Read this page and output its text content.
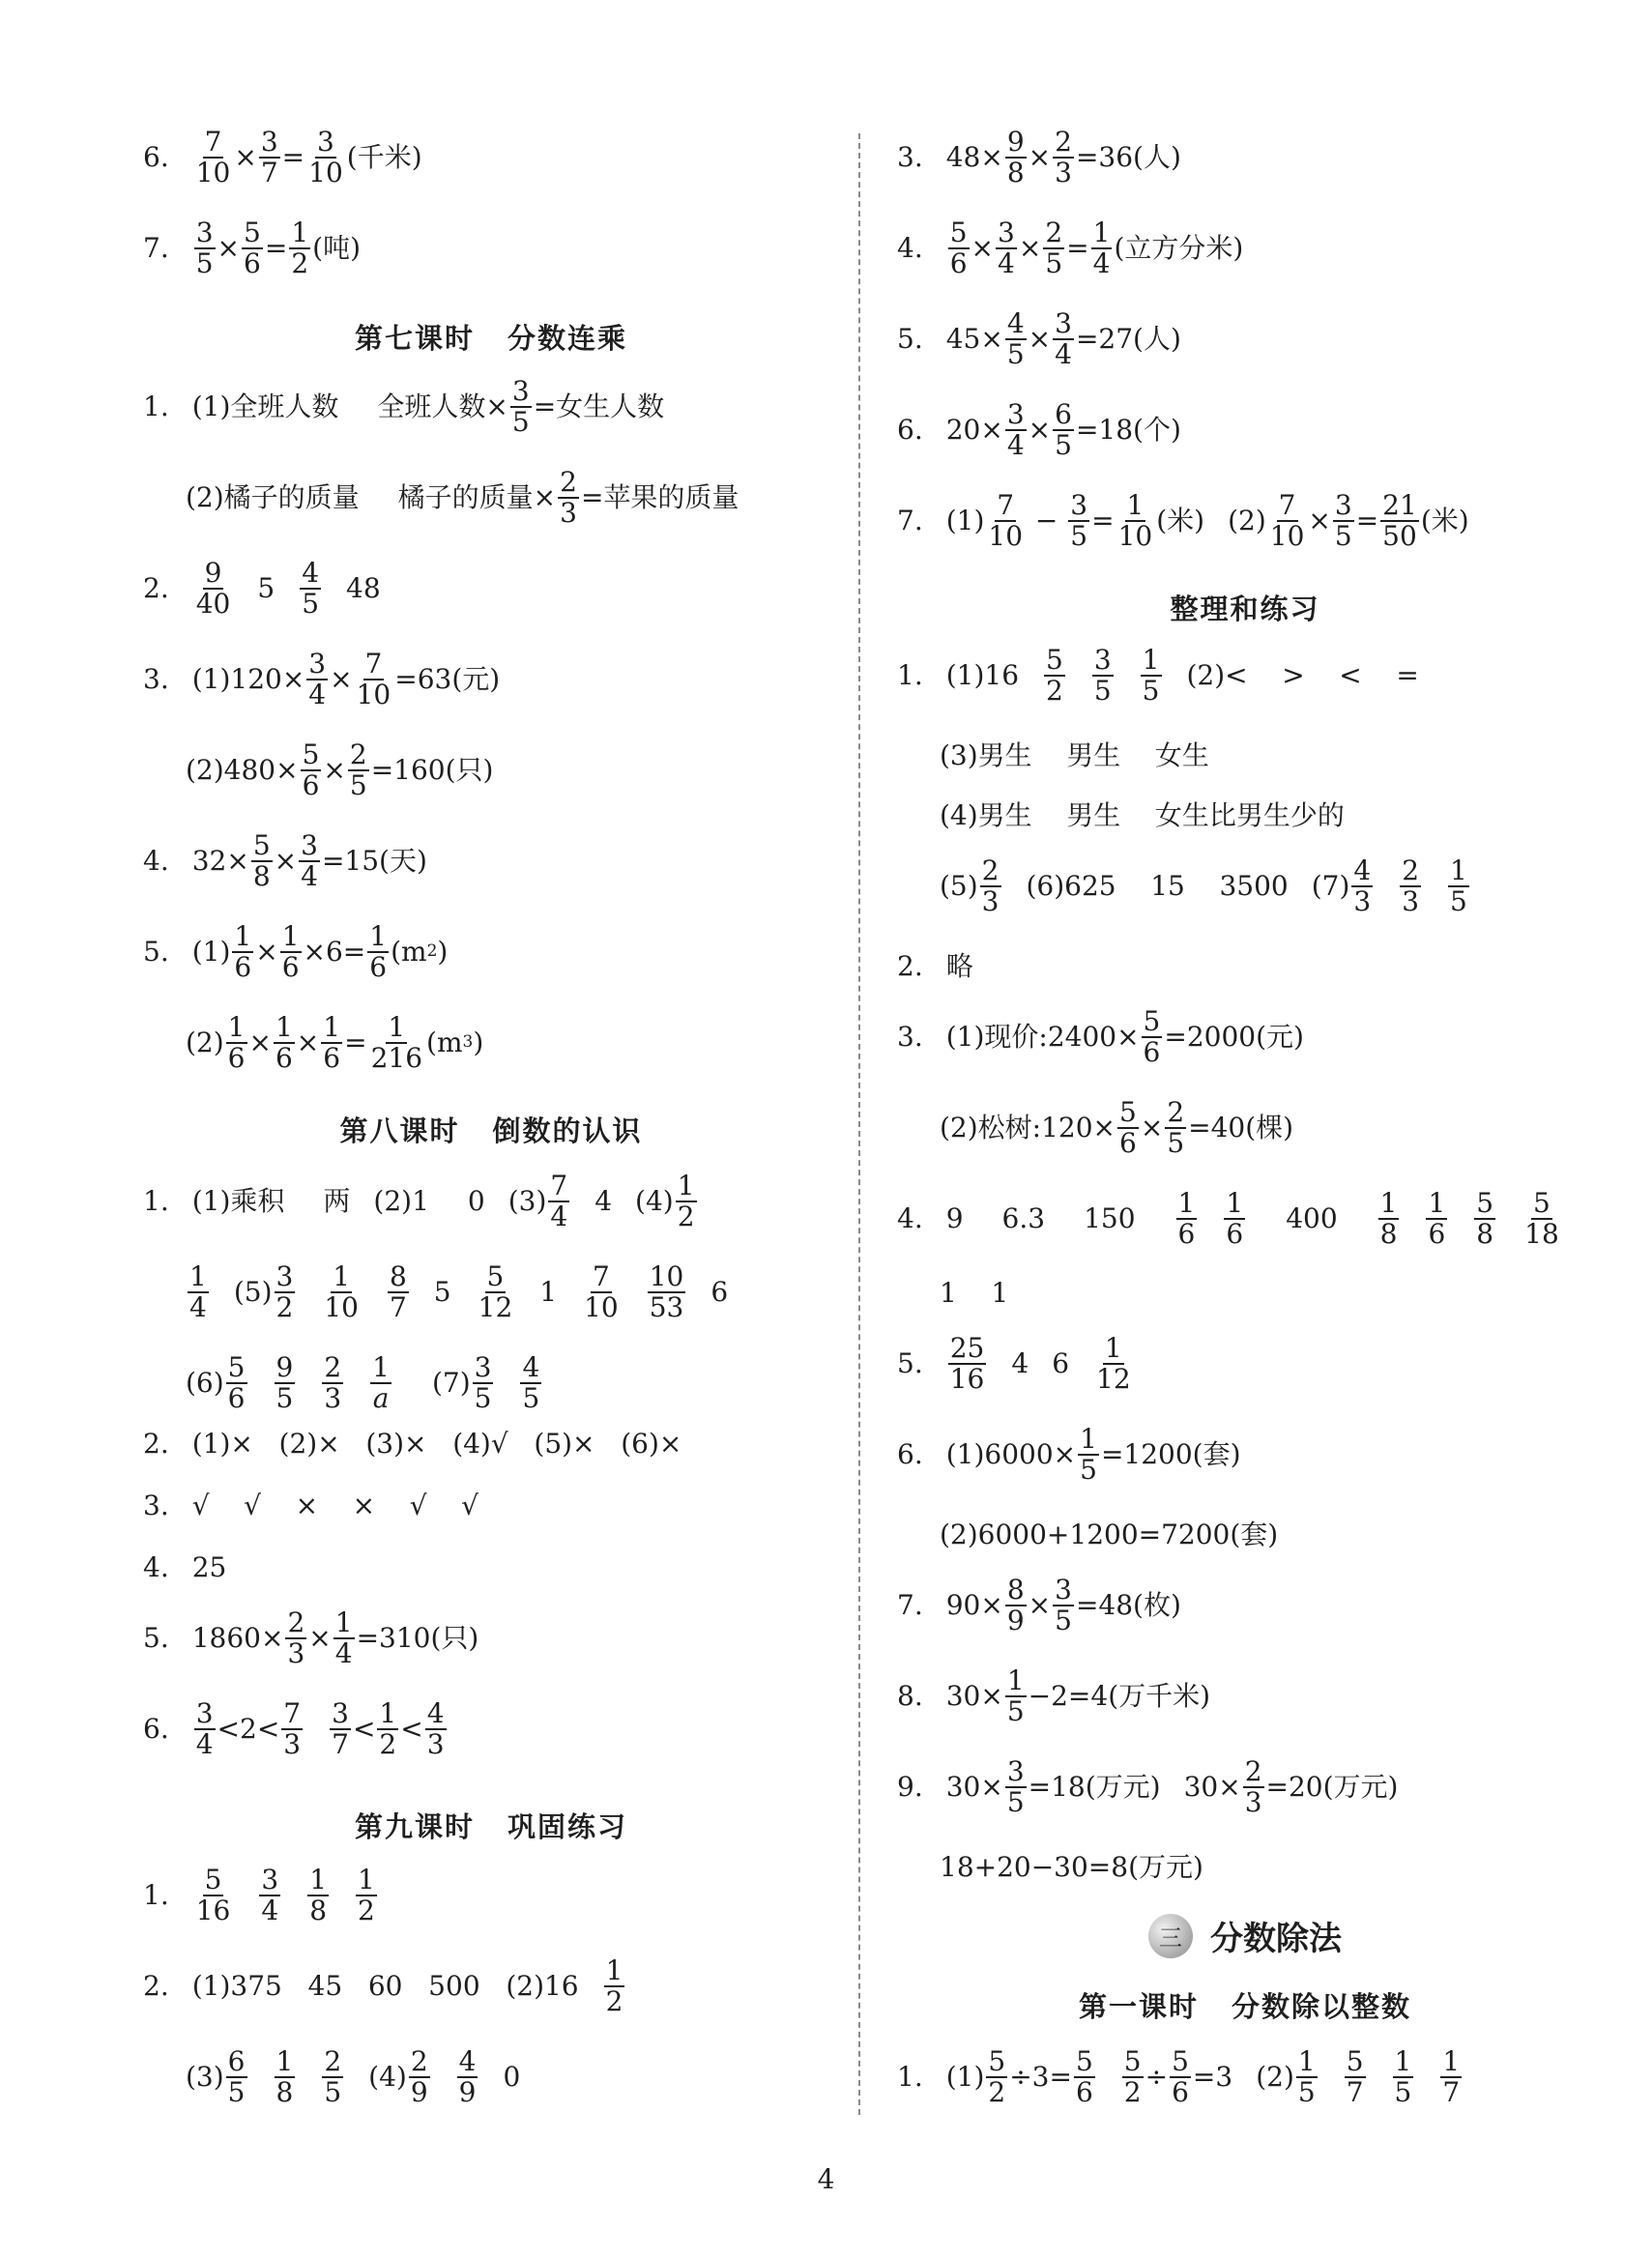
6. $\frac{7}{10} \times \frac{3}{7} = \frac{3}{10}$ (千米)
7. $\frac{3}{5} \times \frac{5}{6} = \frac{1}{2}$ (吨)
第七课时 分数连乘
1. (1)全班人数 全班人数× $\frac{3}{5}$ =女生人数
(2)橘子的质量 橘子的质量× $\frac{2}{3}$ =苹果的质量
2. $\frac{9}{40} 5 \frac{4}{5} 48$
3. $(1)120\times \frac{3}{4} \times \frac{7}{10} =63$(元)
$(2)480\times \frac{5}{6} \times \frac{2}{5} =160$(只)
4. $32\times \frac{5}{8} \times \frac{3}{4} =15$(天)
5. $(1) \frac{1}{6} \times \frac{1}{6} \times 6= \frac{1}{6} (m$ 2 )
$(2) \frac{1}{6} \times \frac{1}{6} \times \frac{1}{6} = \frac{1}{216} (m$ 3 )
第八课时 倒数的认识
1. (1)乘积 两 (2)1 0 $(3) \frac{7}{4} 4$ $(4) \frac{1}{2}$
$\frac{1}{4} (5) \frac{3}{2} \frac{1}{10} \frac{8}{7} 5 \frac{5}{12} 1 \frac{7}{10} \frac{10}{53} 6$
$(6) \frac{5}{6} \frac{9}{5} \frac{2}{3} \frac{1}{a} (7) \frac{3}{5} \frac{4}{5}$
2. (1)×   (2)×   (3)×   (4)√   (5)×   (6)×
3. √    √    ×    ×    √    √
4. 25
5. $1860\times \frac{2}{3} \times \frac{1}{4} =310$(只)
6. $\frac{3}{4} <2< \frac{7}{3} \frac{3}{7} < \frac{1}{2} < \frac{4}{3}$
第九课时 巩固练习
1. $\frac{5}{16} \frac{3}{4} \frac{1}{8} \frac{1}{2}$
2. (1)375   45   60   500   $(2)16 \frac{1}{2}$
$(3) \frac{6}{5} \frac{1}{8} \frac{2}{5} (4) \frac{2}{9} \frac{4}{9} 0$
3. $48\times \frac{9}{8} \times \frac{2}{3} =36$(人)
4. $\frac{5}{6} \times \frac{3}{4} \times \frac{2}{5} = \frac{1}{4}$ (立方分米)
5. $45\times \frac{4}{5} \times \frac{3}{4} =27$(人)
6. $20\times \frac{3}{4} \times \frac{6}{5} =18$(个)
7. $(1) \frac{7}{10} - \frac{3}{5} = \frac{1}{10}$ (米) $(2) \frac{7}{10} \times \frac{3}{5} = \frac{21}{50}$ (米)
整理和练习
1. $(1)16 \frac{5}{2} \frac{3}{5} \frac{1}{5} (2)<$    >    <    =
(3)男生    男生    女生
(4)男生    男生    女生比男生少的
$(5) \frac{2}{3} (6)625$    15    3500 $(7) \frac{4}{3} \frac{2}{3} \frac{1}{5}$
2. 略
3. (1)现价:2400× $\frac{5}{6} =2000$(元)
(2)松树:120× $\frac{5}{6} \times \frac{2}{5} =40$(棵)
4. 9 6.3 $150 \frac{1}{6} \frac{1}{6} 400 \frac{1}{8} \frac{1}{6} \frac{5}{8} \frac{5}{18}$
1    1
5. $\frac{25}{16} 4$ $6 \frac{1}{12}$
6. $(1)6000\times \frac{1}{5} =1200$(套)
(2)6000+1200=7200(套)
7. $90\times \frac{8}{9} \times \frac{3}{5} =48$(枚)
8. $30\times \frac{1}{5} -2=4$(万千米)
9. $30\times \frac{3}{5} =18$(万元) $30\times \frac{2}{3} =20$(万元)
18+20−30=8(万元)
三 分数除法
第一课时 分数除以整数
1. $(1) \frac{5}{2} \div 3= \frac{5}{6} \frac{5}{2} \div \frac{5}{6} =3$ $(2) \frac{1}{5} \frac{5}{7} \frac{1}{5} \frac{1}{7}$
4
